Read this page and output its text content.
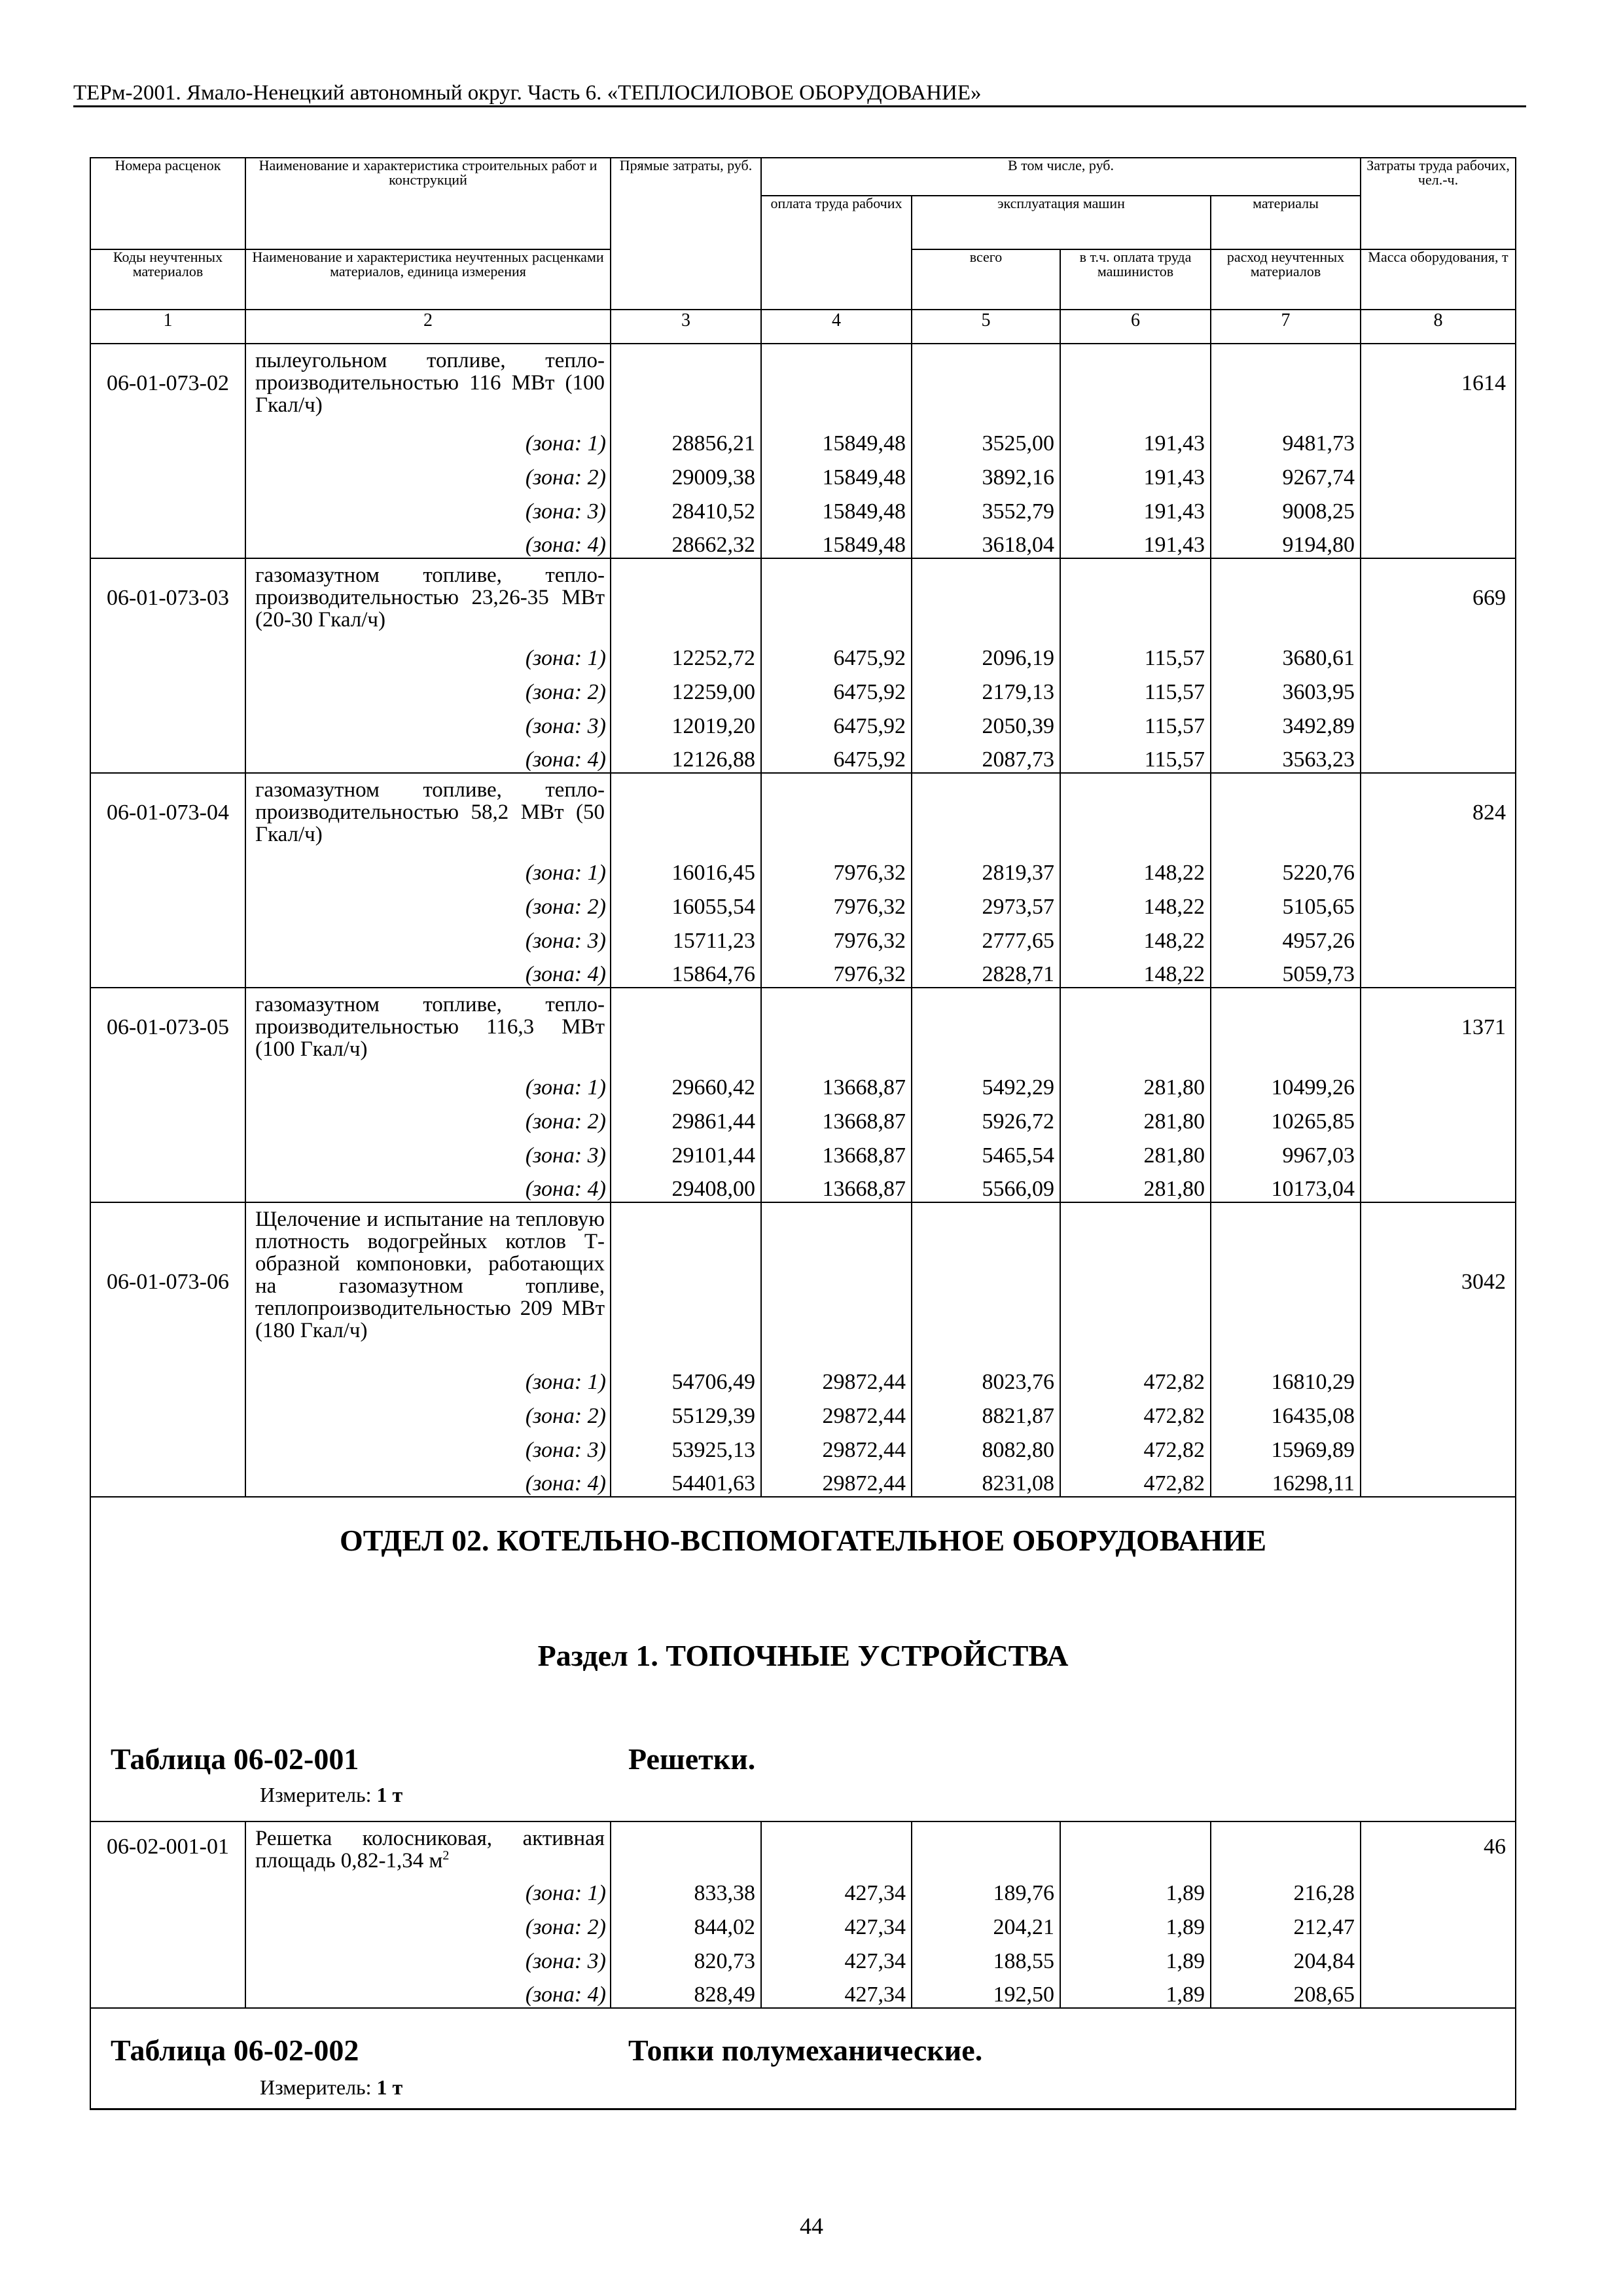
ТЕРм-2001. Ямало-Ненецкий автономный округ. Часть 6. «ТЕПЛОСИЛОВОЕ ОБОРУДОВАНИЕ»
Номера расценок	Наименование и характеристика строительных работ и конструкций	Прямые затраты, руб.	В том числе, руб.				Затраты труда рабочих, чел.-ч.
			оплата труда рабочих	эксплуатация машин		материалы	
Коды неучтенных материалов	Наименование и характеристика неучтенных расценками материалов, единица измерения			всего	в т.ч. оплата труда машинистов	расход неучтенных материалов	Масса оборудования, т
1	2	3	4	5	6	7	8
06-01-073-02	пылеугольном топливе, тепло-производительностью 116 МВт (100 Гкал/ч)						1614
	(зона: 1)	28856,21	15849,48	3525,00	191,43	9481,73	
	(зона: 2)	29009,38	15849,48	3892,16	191,43	9267,74	
	(зона: 3)	28410,52	15849,48	3552,79	191,43	9008,25	
	(зона: 4)	28662,32	15849,48	3618,04	191,43	9194,80	
06-01-073-03	газомазутном топливе, тепло-производительностью 23,26-35 МВт (20-30 Гкал/ч)						669
	(зона: 1)	12252,72	6475,92	2096,19	115,57	3680,61	
	(зона: 2)	12259,00	6475,92	2179,13	115,57	3603,95	
	(зона: 3)	12019,20	6475,92	2050,39	115,57	3492,89	
	(зона: 4)	12126,88	6475,92	2087,73	115,57	3563,23	
06-01-073-04	газомазутном топливе, тепло-производительностью 58,2 МВт (50 Гкал/ч)						824
	(зона: 1)	16016,45	7976,32	2819,37	148,22	5220,76	
	(зона: 2)	16055,54	7976,32	2973,57	148,22	5105,65	
	(зона: 3)	15711,23	7976,32	2777,65	148,22	4957,26	
	(зона: 4)	15864,76	7976,32	2828,71	148,22	5059,73	
06-01-073-05	газомазутном топливе, тепло-производительностью 116,3 МВт (100 Гкал/ч)						1371
	(зона: 1)	29660,42	13668,87	5492,29	281,80	10499,26	
	(зона: 2)	29861,44	13668,87	5926,72	281,80	10265,85	
	(зона: 3)	29101,44	13668,87	5465,54	281,80	9967,03	
	(зона: 4)	29408,00	13668,87	5566,09	281,80	10173,04	
06-01-073-06	Щелочение и испытание на тепловую плотность водогрейных котлов Т-образной компоновки, работающих на газомазутном топливе, теплопроизводительностью 209 МВт (180 Гкал/ч)						3042
	(зона: 1)	54706,49	29872,44	8023,76	472,82	16810,29	
	(зона: 2)	55129,39	29872,44	8821,87	472,82	16435,08	
	(зона: 3)	53925,13	29872,44	8082,80	472,82	15969,89	
	(зона: 4)	54401,63	29872,44	8231,08	472,82	16298,11	

ОТДЕЛ 02. КОТЕЛЬНО-ВСПОМОГАТЕЛЬНОЕ ОБОРУДОВАНИЕ
Раздел 1. ТОПОЧНЫЕ УСТРОЙСТВА
Таблица 06-02-001 Решетки.
Измеритель: 1 т							

06-02-001-01	Решетка колосниковая, активная площадь 0,82-1,34 $м^2$						46
	(зона: 1)	833,38	427,34	189,76	1,89	216,28	
	(зона: 2)	844,02	427,34	204,21	1,89	212,47	
	(зона: 3)	820,73	427,34	188,55	1,89	204,84	
	(зона: 4)	828,49	427,34	192,50	1,89	208,65	

Таблица 06-02-002 Топки полумеханические.
Измеритель: 1 т							
44
